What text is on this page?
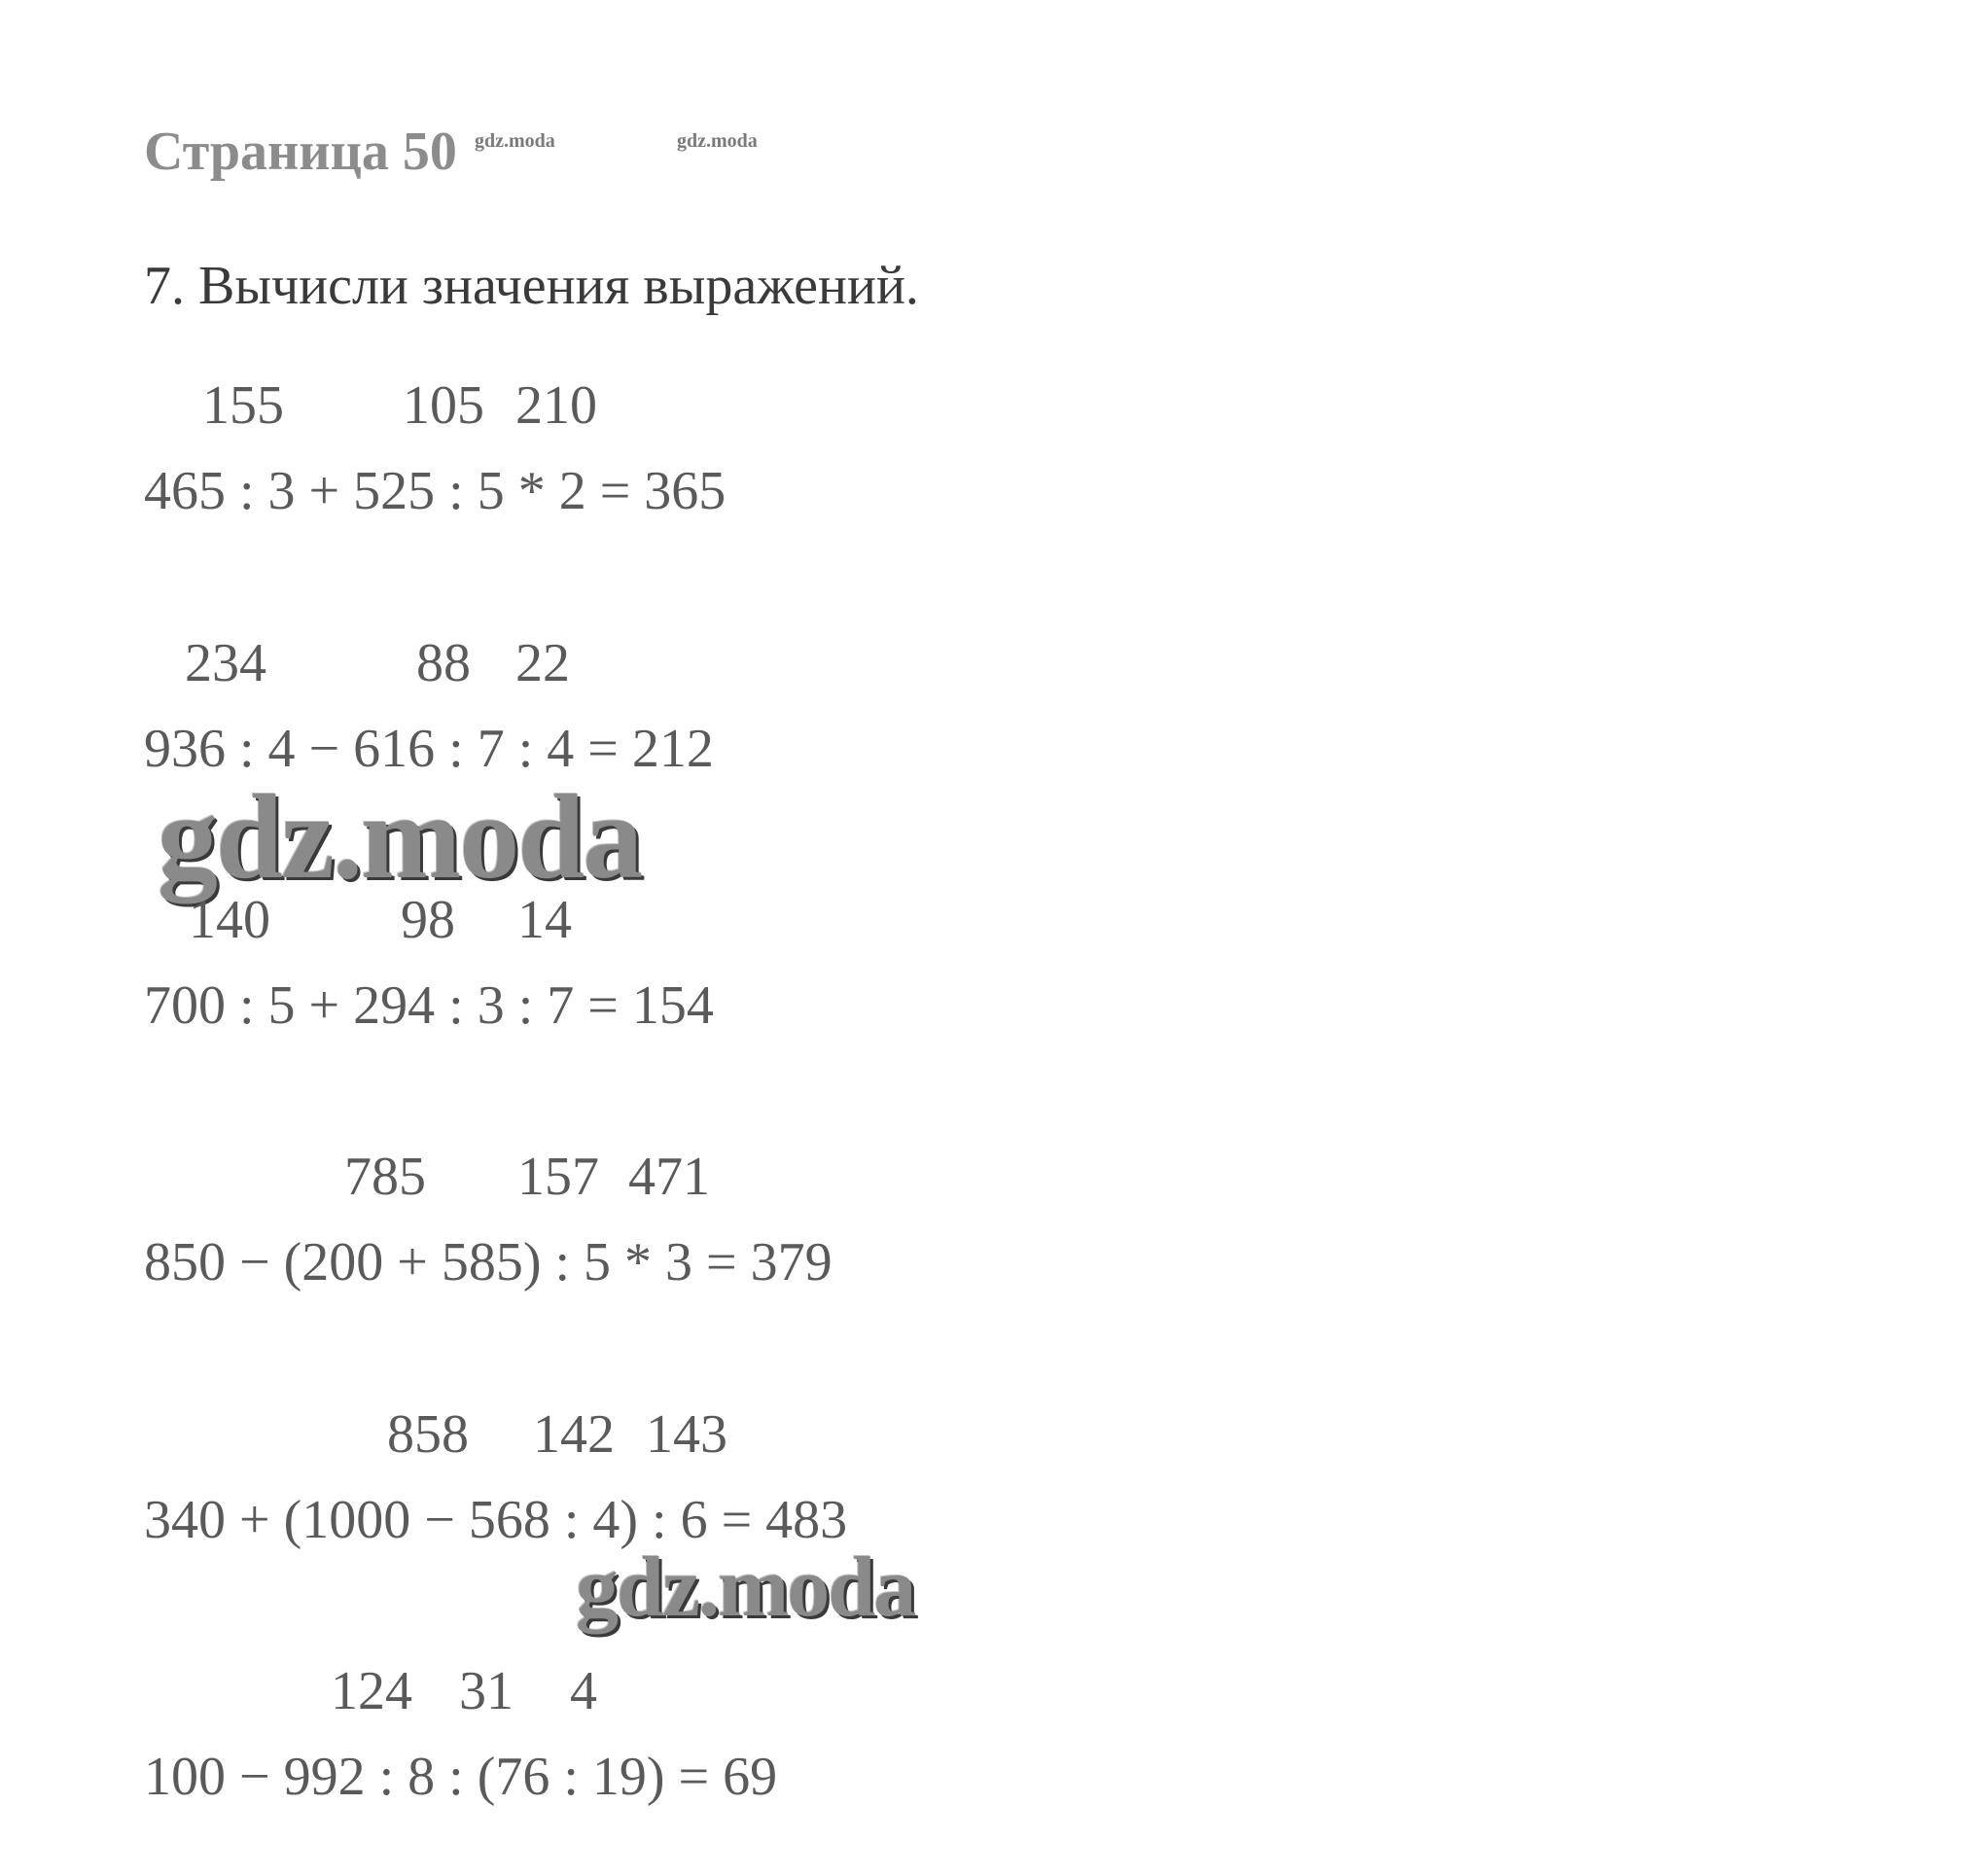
Страница 50 gdz.moda	gdz.moda
7. Вычисли значения выражений.
155 105 210
465 : 3 + 525 : 5 * 2 = 365
234	88 22
936 : 4 − 616 : 7 : 4 = 212
gdz.moda
140 98 14
700 : 5 + 294 : 3 : 7 = 154
785 157 471
850 − (200 + 585) : 5 * 3 = 379
858 142 143
340 + (1000 − 568 : 4) : 6 = 483
gdz.moda
124 31 4
100 − 992 : 8 : (76 : 19) = 69
